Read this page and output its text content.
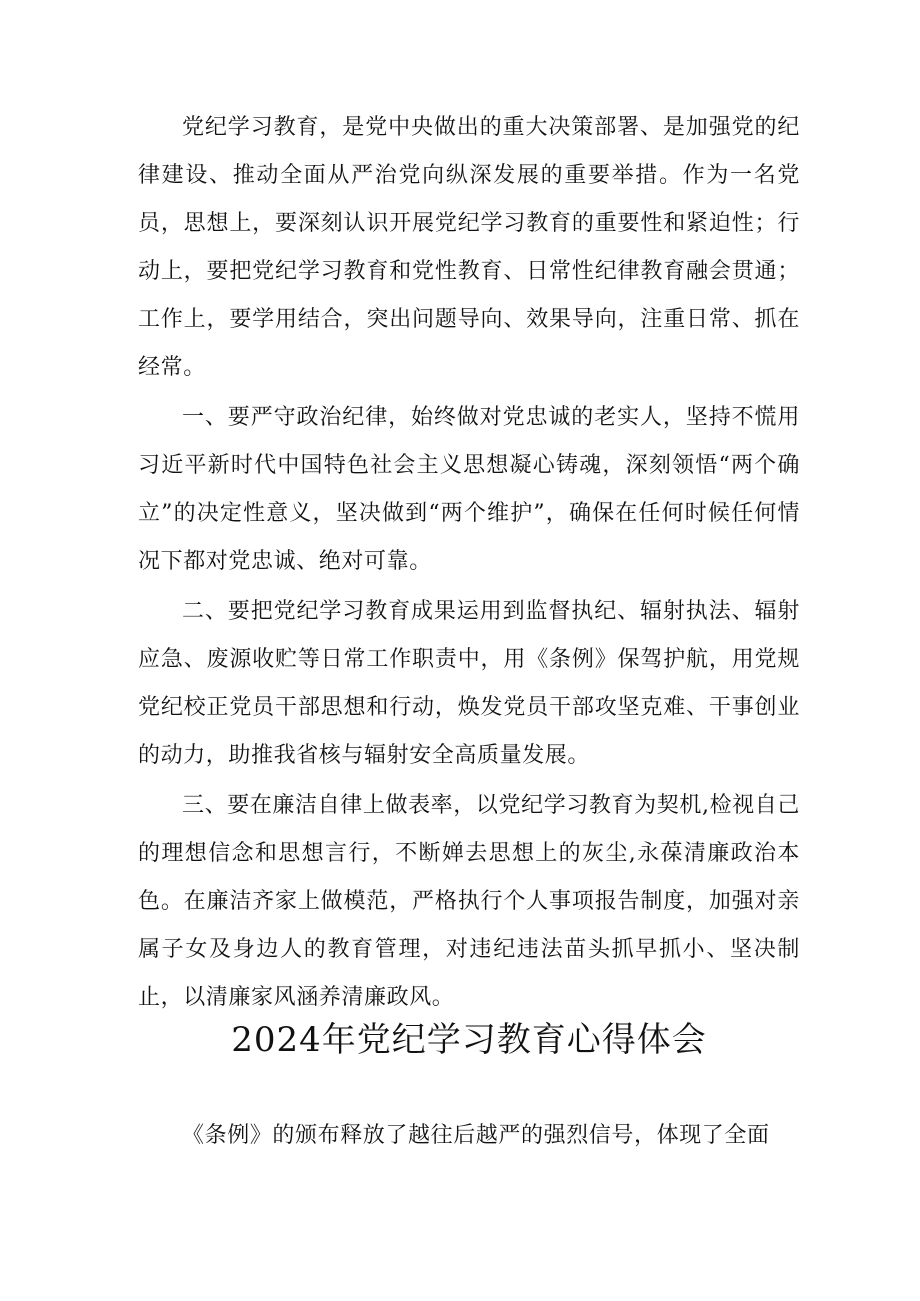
党纪学习教育，是党中央做出的重大决策部署、是加强党的纪律建设、推动全面从严治党向纵深发展的重要举措。作为一名党员，思想上，要深刻认识开展党纪学习教育的重要性和紧迫性；行动上，要把党纪学习教育和党性教育、日常性纪律教育融会贯通；工作上，要学用结合，突出问题导向、效果导向，注重日常、抓在经常。

一、要严守政治纪律，始终做对党忠诚的老实人，坚持不慌用习近平新时代中国特色社会主义思想凝心铸魂，深刻领悟“两个确立”的决定性意义，坚决做到“两个维护”，确保在任何时候任何情况下都对党忠诚、绝对可靠。

二、要把党纪学习教育成果运用到监督执纪、辐射执法、辐射应急、废源收贮等日常工作职责中，用《条例》保驾护航，用党规党纪校正党员干部思想和行动，焕发党员干部攻坚克难、干事创业的动力，助推我省核与辐射安全高质量发展。

三、要在廉洁自律上做表率，以党纪学习教育为契机,检视自己的理想信念和思想言行，不断婵去思想上的灰尘,永葆清廉政治本色。在廉洁齐家上做模范，严格执行个人事项报告制度，加强对亲属子女及身边人的教育管理，对违纪违法苗头抓早抓小、坚决制止，以清廉家风涵养清廉政风。

2024年党纪学习教育心得体会

《条例》的颁布释放了越往后越严的强烈信号，体现了全面
